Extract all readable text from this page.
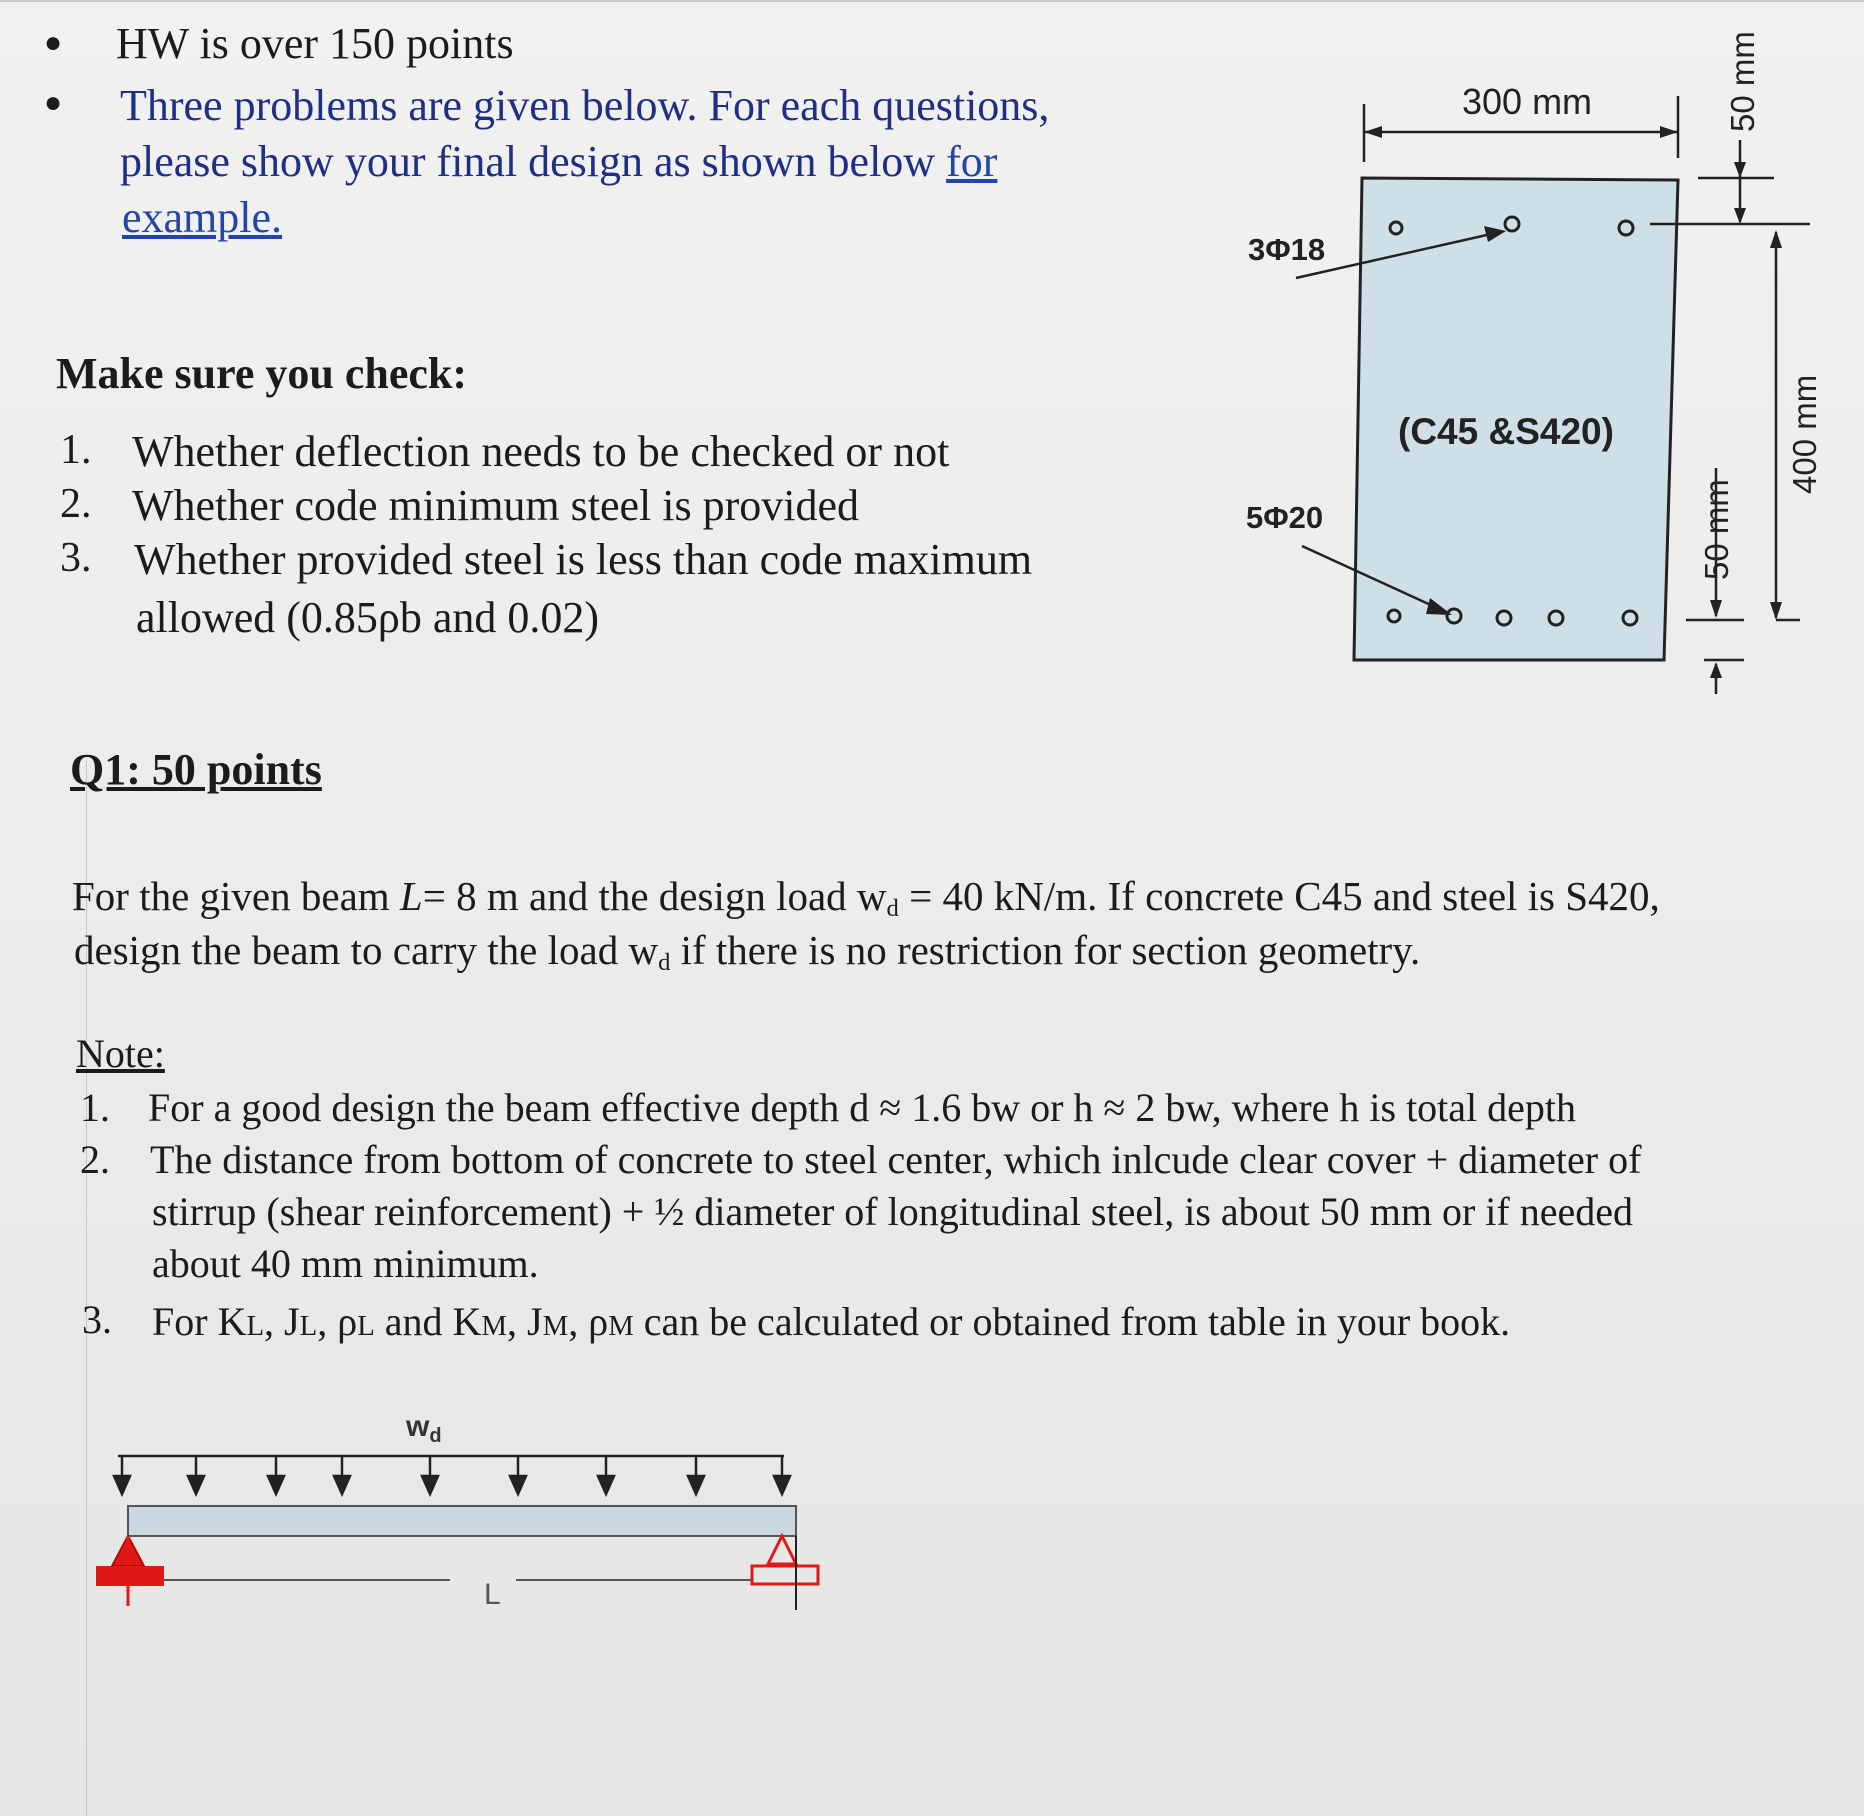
● HW is over 150 points
● Three problems are given below. For each questions,
please show your final design as shown below for
example.
Make sure you check:
1. Whether deflection needs to be checked or not
2. Whether code minimum steel is provided
3. Whether provided steel is less than code maximum
allowed (0.85ρb and 0.02)
300 mm
3Φ18
5Φ20
(C45 &S420)
50 mm
400 mm
50 mm
Q1: 50 points
For the given beam L= 8 m and the design load $w_d = 40$ kN/m. If concrete C45 and steel is S420,
design the beam to carry the load $w_d$ if there is no restriction for section geometry.
Note:
1. For a good design the beam effective depth d ≈ 1.6 bw or h ≈ 2 bw, where h is total depth
2. The distance from bottom of concrete to steel center, which inlcude clear cover + diameter of
stirrup (shear reinforcement) + ½ diameter of longitudinal steel, is about 50 mm or if needed
about 40 mm minimum.
3. For KL, JL, ρL and KM, JM, ρM can be calculated or obtained from table in your book.
$w_d$
L
